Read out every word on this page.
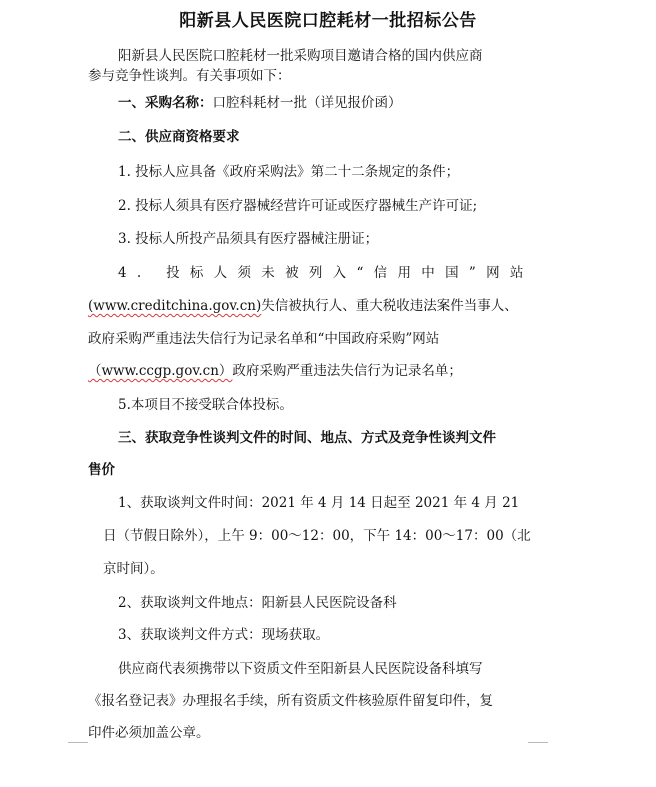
阳新县人民医院口腔耗材一批招标公告
阳新县人民医院口腔耗材一批采购项目邀请合格的国内供应商
参与竞争性谈判。有关事项如下：
一、采购名称：口腔科耗材一批（详见报价函）
二、供应商资格要求
1. 投标人应具备《政府采购法》第二十二条规定的条件；
2. 投标人须具有医疗器械经营许可证或医疗器械生产许可证;
3. 投标人所投产品须具有医疗器械注册证；
4. 投标人须未被列入“信用中国”网站
(www.creditchina.gov.cn)失信被执行人、重大税收违法案件当事人、
政府采购严重违法失信行为记录名单和“中国政府采购”网站
（www.ccgp.gov.cn）政府采购严重违法失信行为记录名单；
5.本项目不接受联合体投标。
三、获取竞争性谈判文件的时间、地点、方式及竞争性谈判文件
售价
1、获取谈判文件时间：2021 年 4 月 14 日起至 2021 年 4 月 21
日（节假日除外），上午 9：00～12：00，下午 14：00～17：00（北
京时间）。
2、获取谈判文件地点：阳新县人民医院设备科
3、获取谈判文件方式：现场获取。
供应商代表须携带以下资质文件至阳新县人民医院设备科填写
《报名登记表》办理报名手续，所有资质文件核验原件留复印件，复
印件必须加盖公章。
